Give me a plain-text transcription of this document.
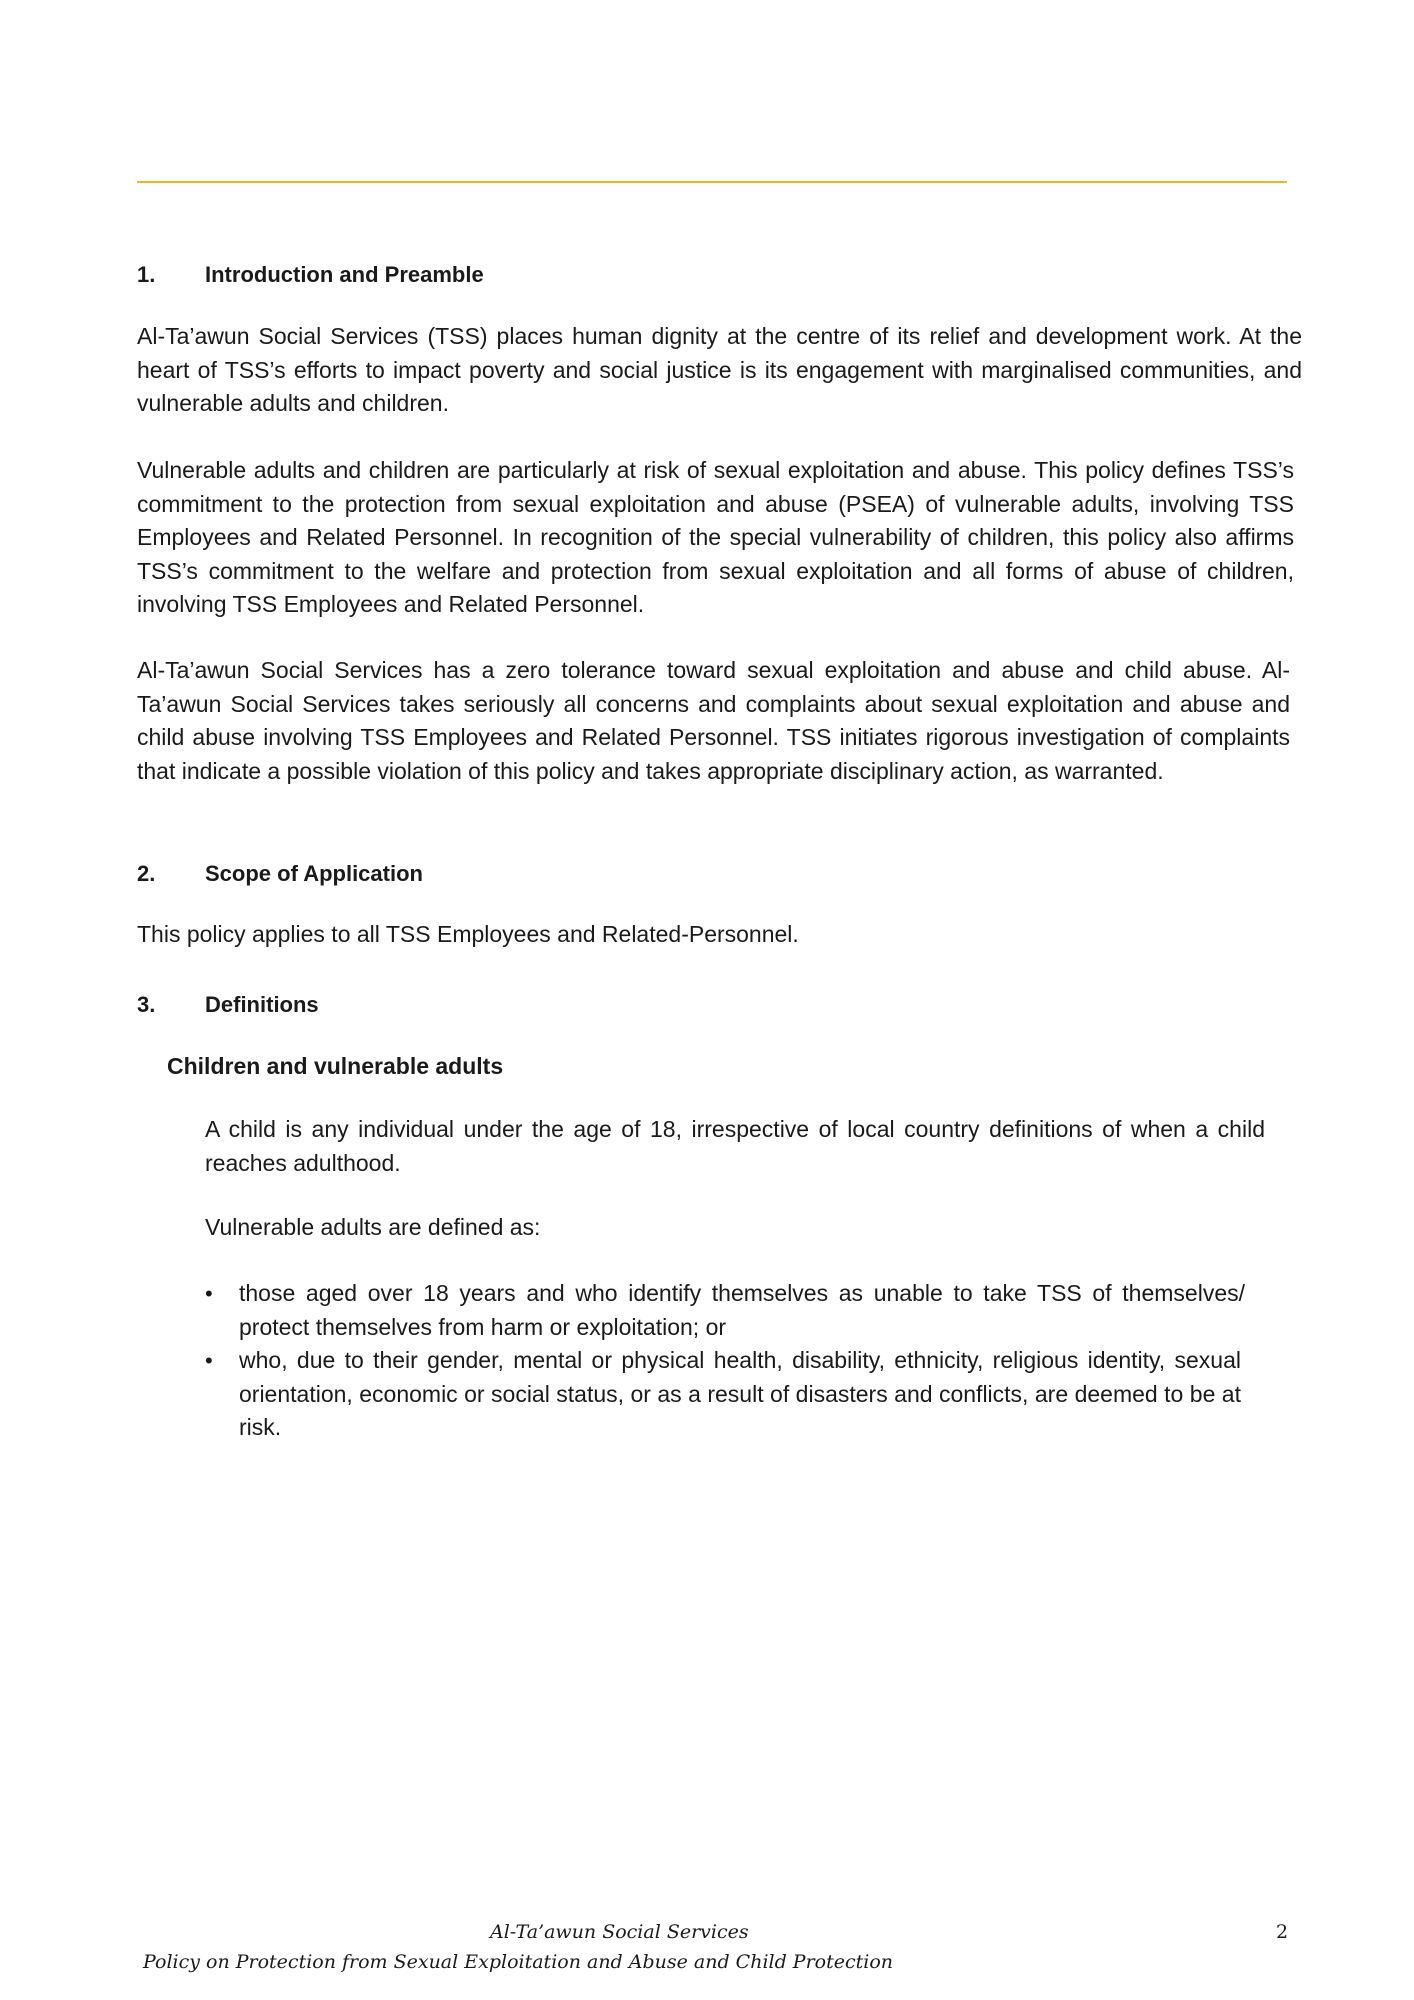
1. Introduction and Preamble
Al-Ta’awun Social Services (TSS) places human dignity at the centre of its relief and development work. At the heart of TSS’s efforts to impact poverty and social justice is its engagement with marginalised communities, and vulnerable adults and children.
Vulnerable adults and children are particularly at risk of sexual exploitation and abuse. This policy defines TSS’s commitment to the protection from sexual exploitation and abuse (PSEA) of vulnerable adults, involving TSS Employees and Related Personnel. In recognition of the special vulnerability of children, this policy also affirms TSS’s commitment to the welfare and protection from sexual exploitation and all forms of abuse of children, involving TSS Employees and Related Personnel.
Al-Ta’awun Social Services has a zero tolerance toward sexual exploitation and abuse and child abuse. Al-Ta’awun Social Services takes seriously all concerns and complaints about sexual exploitation and abuse and child abuse involving TSS Employees and Related Personnel. TSS initiates rigorous investigation of complaints that indicate a possible violation of this policy and takes appropriate disciplinary action, as warranted.
2. Scope of Application
This policy applies to all TSS Employees and Related-Personnel.
3. Definitions
Children and vulnerable adults
A child is any individual under the age of 18, irrespective of local country definitions of when a child reaches adulthood.
Vulnerable adults are defined as:
•	those aged over 18 years and who identify themselves as unable to take TSS of themselves/ protect themselves from harm or exploitation; or
•	who, due to their gender, mental or physical health, disability, ethnicity, religious identity, sexual orientation, economic or social status, or as a result of disasters and conflicts, are deemed to be at risk.
Al-Ta’awun Social Services
Policy on Protection from Sexual Exploitation and Abuse and Child Protection
2
